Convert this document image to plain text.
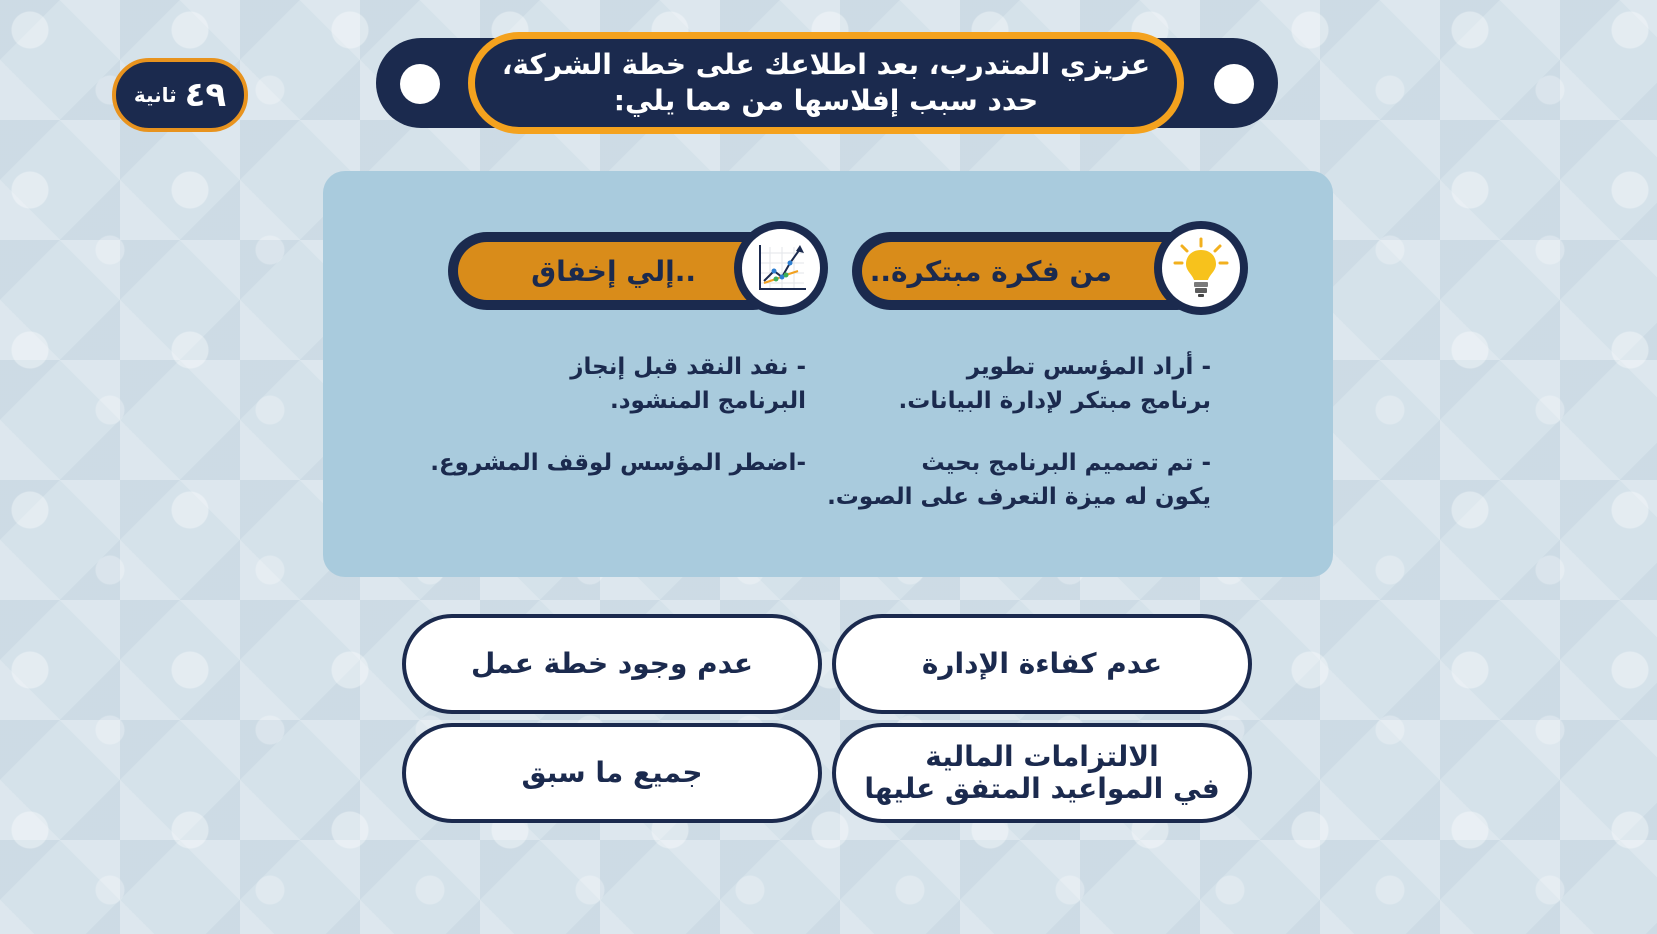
٤٩
ثانية
عزيزي المتدرب، بعد اطلاعك على خطة الشركة،
حدد سبب إفلاسها من مما يلي:
من فكرة مبتكرة..
..إلي إخفاق
- أراد المؤسس تطوير
برنامج مبتكر لإدارة البيانات.
- تم تصميم البرنامج بحيث
يكون له ميزة التعرف على الصوت.
- نفد النقد قبل إنجاز
البرنامج المنشود.
-اضطر المؤسس لوقف المشروع.
عدم كفاءة الإدارة
عدم وجود خطة عمل
الالتزامات المالية
في المواعيد المتفق عليها
جميع ما سبق
